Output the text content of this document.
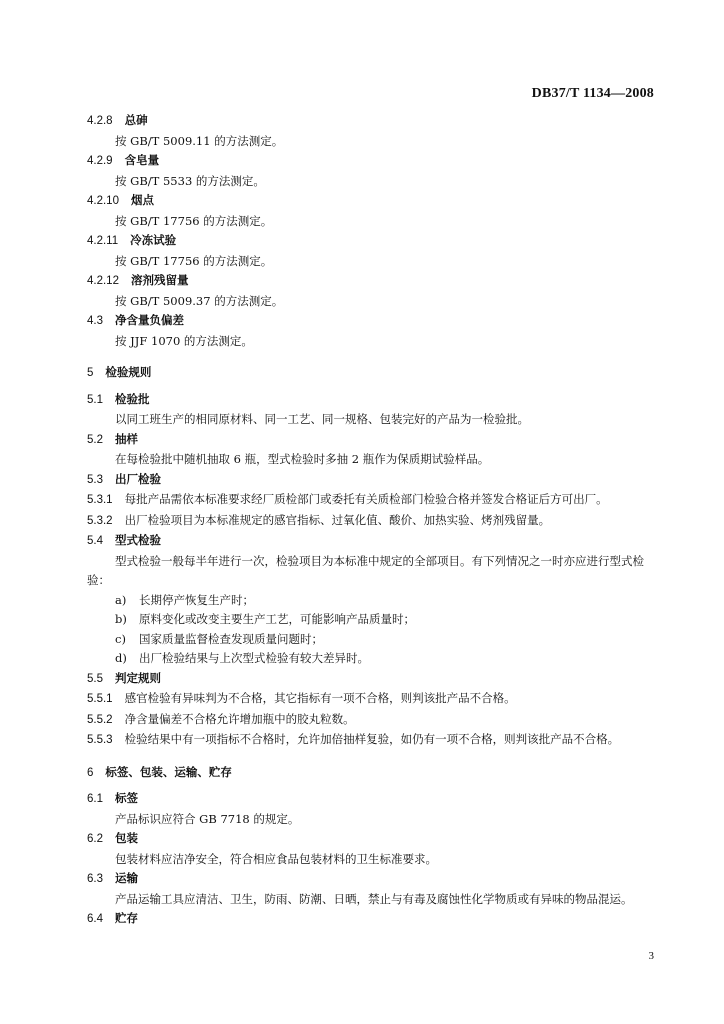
DB37/T 1134—2008
4.2.8 总砷
按 GB/T 5009.11 的方法测定。
4.2.9 含皂量
按 GB/T 5533 的方法测定。
4.2.10 烟点
按 GB/T 17756 的方法测定。
4.2.11 冷冻试验
按 GB/T 17756 的方法测定。
4.2.12 溶剂残留量
按 GB/T 5009.37 的方法测定。
4.3 净含量负偏差
按 JJF 1070 的方法测定。
5 检验规则
5.1 检验批
以同工班生产的相同原材料、同一工艺、同一规格、包装完好的产品为一检验批。
5.2 抽样
在每检验批中随机抽取 6 瓶，型式检验时多抽 2 瓶作为保质期试验样品。
5.3 出厂检验
5.3.1 每批产品需依本标准要求经厂质检部门或委托有关质检部门检验合格并签发合格证后方可出厂。
5.3.2 出厂检验项目为本标准规定的感官指标、过氧化值、酸价、加热实验、烤剂残留量。
5.4 型式检验
型式检验一般每半年进行一次，检验项目为本标准中规定的全部项目。有下列情况之一时亦应进行型式检验：
a) 长期停产恢复生产时；
b) 原料变化或改变主要生产工艺，可能影响产品质量时；
c) 国家质量监督检查发现质量问题时；
d) 出厂检验结果与上次型式检验有较大差异时。
5.5 判定规则
5.5.1 感官检验有异味判为不合格，其它指标有一项不合格，则判该批产品不合格。
5.5.2 净含量偏差不合格允许增加瓶中的胶丸粒数。
5.5.3 检验结果中有一项指标不合格时，允许加倍抽样复验，如仍有一项不合格，则判该批产品不合格。
6 标签、包装、运输、贮存
6.1 标签
产品标识应符合 GB 7718 的规定。
6.2 包装
包装材料应洁净安全，符合相应食品包装材料的卫生标准要求。
6.3 运输
产品运输工具应清洁、卫生，防雨、防潮、日晒，禁止与有毒及腐蚀性化学物质或有异味的物品混运。
6.4 贮存
3
